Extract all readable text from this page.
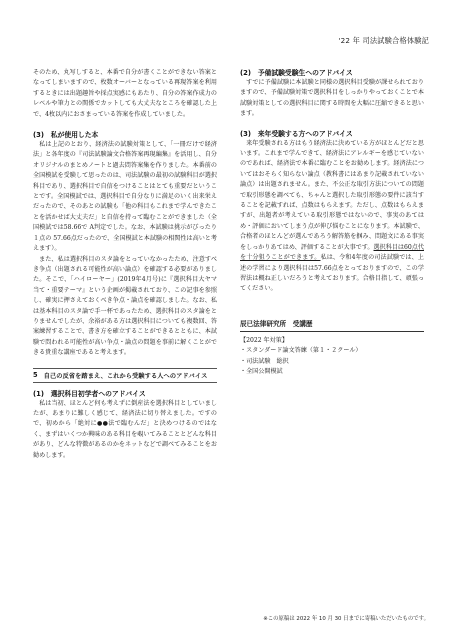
'22 年 司法試験合格体験記

そのため、丸写しすると、本番で自分が書くことができない答案となってしまいますので、枚数オーバーとなっている再現答案を利用するときには出題趣旨や採点実感にもあたり、自分の答案作成力のレベルや筆力との関係でカットしても大丈夫なところを確認した上で、4枚以内におさまっている答案を作成していました。

(3)　私が使用した本

私は上記のとおり、経済法の試験対策として、「一冊だけで経済法」と各年度の『司法試験論文合格答案再現編集』を活用し、自分オリジナルのまとめノートと過去問答案集を作りました。本番前の全国模試を受験して思ったのは、司法試験の最初の試験科目が選択科目であり、選択科目で自信をつけることはとても重要だということです。全国模試では、選択科目で自分なりに満足のいく出来栄えだったので、そのあとの試験も「他の科目もこれまで学んできたことを活かせば大丈夫だ」と自信を持って臨むことができました（全国模試では58.66で A判定でした。なお、本試験は挑示がびったり１点の 57.66点だったので、全国模試と本試験の相関性は高いと考えます）。

また、私は選択科目のスタ論をとっていなかったため、注意すべき争点（出題される可能性が高い論点）を確認する必要がありました。そこで、「ハイローヤー」(2019年4月号)に『選択科目大ヤマ当て・重要テーマ』という企画が掲載されており、この記事を参照し、確実に押さえておくべき争点・論点を確認しました。なお、私は基本科目のスタ論で手一杯であったため、選択科目のスタ論をとりませんでしたが、余裕がある方は選択科目についても複数回、答案練習することで、書き方を確立することができるとともに、本試験で問われる可能性が高い争点・論点の問題を事前に解くことができる貴重な講座であると考えます。

5 自己の反省を踏まえ、これから受験する人へのアドバイス
(1)　選択科目初学者へのアドバイス

私は当初、ほとんど何も考えずに倒産法を選択科目としていましたが、あまりに難しく感じて、経済法に切り替えました。ですので、初めから「絶対に●●法で臨むんだ」と決めつけるのではなく、まずはいくつか興味のある科目を覗いてみることとどんな科目があり、どんな特徴があるのかをネットなどで調べてみることをお勧めします。

(2)　予備試験受験生へのアドバイス

すでに予備試験に本試験と同様の選択科目受験が課せられておりますので、予備試験対策で選択科目をしっかりやっておくことで本試験対策としての選択科目に関する時間を大幅に圧縮できると思います。

(3)　来年受験する方へのアドバイス

来年受験される方はもう経済法に決めている方がほとんどだと思います。これまで学んできて、経済法にアレルギーを感じていないのであれば、経済法で本番に臨むことをお勧めします。経済法についてはおそらく知らない論点（教科書にはあまり記載されていない論点）は出題されません。また、不公正な取引方法についての問題で取引形態を調べても、ちゃんと選択した取引形態の要件に該当することを記載すれば、点数はもらえます。ただし、点数はもらえますが、出題者が考えている取引形態ではないので、事実のあてはめ・評価においてしまう点が伸び悩むことになります。本試験で、合格者のほとんどが選んであろう解答筋を掴み、問題文にある事実をしっかりあてはめ、評価することが大事です。選択科目は60点代を十分狙うことができます。私は、令和4年度の司法試験では、上述の学習により選択科目は57.66点をとっておりますので、この学習法は概ね正しいだろうと考えております。合格目指して、頑張ってください。

辰已法律研究所　受講歴
【2022 年対策】
・スタンダード論文答練（第１・２クール）
・司法試験　総択
・全国公開模試
※この原稿は 2022 年 10 月 30 日までに寄稿いただいたものです。
